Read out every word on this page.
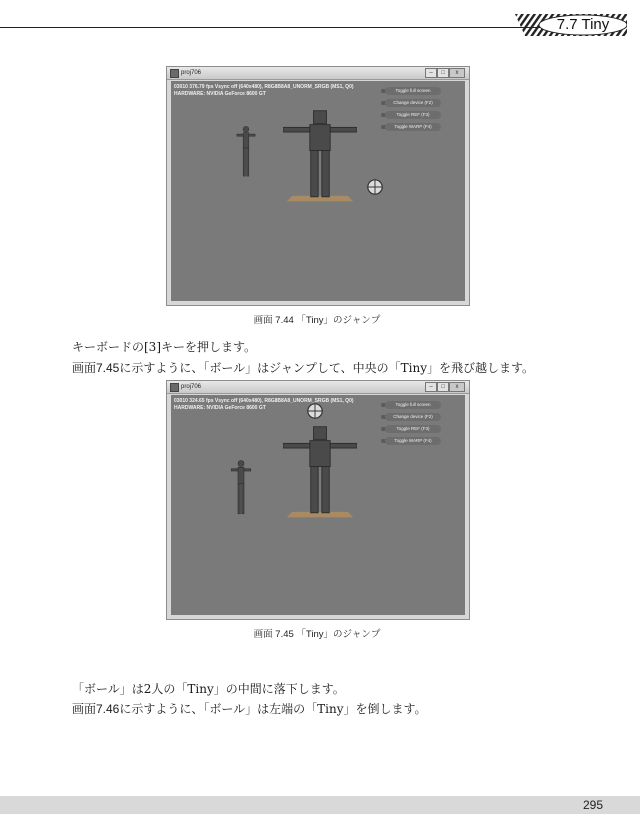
7.7 Tiny
proj706	–	□	x
03010 376.79 fps Vsync off (640x480), R8G8B8A8_UNORM_SRGB (MS1, Q0)
HARDWARE: NVIDIA GeForce 8600 GT
Toggle full screen
Change device (F2)
Toggle REF (F3)
Toggle WARP (F4)
画面 7.44 「Tiny」のジャンプ
キーボードの[3]キーを押します。
画面7.45に示すように、「ボール」はジャンプして、中央の「Tiny」を飛び越します。
proj706	–	□	x
03010 324.65 fps Vsync off (640x480), R8G8B8A8_UNORM_SRGB (MS1, Q0)
HARDWARE: NVIDIA GeForce 8600 GT
Toggle full screen
Change device (F2)
Toggle REF (F3)
Toggle WARP (F4)
画面 7.45 「Tiny」のジャンプ
「ボール」は2人の「Tiny」の中間に落下します。
画面7.46に示すように、「ボール」は左端の「Tiny」を倒します。
295
